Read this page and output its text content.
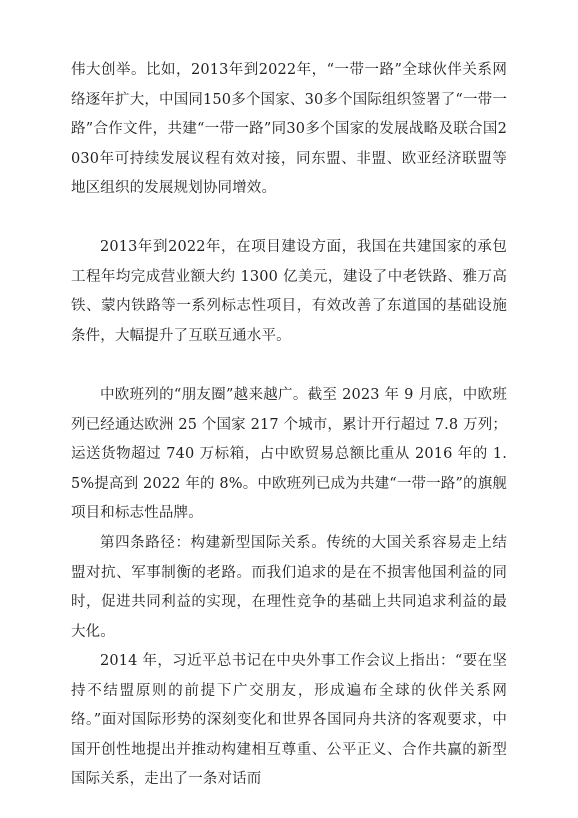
伟大创举。比如，2013年到2022年，“一带一路”全球伙伴关系网络逐年扩大，中国同150多个国家、30多个国际组织签署了“一带一路”合作文件，共建“一带一路”同30多个国家的发展战略及联合国2030年可持续发展议程有效对接，同东盟、非盟、欧亚经济联盟等地区组织的发展规划协同增效。

2013年到2022年，在项目建设方面，我国在共建国家的承包工程年均完成营业额大约 1300 亿美元，建设了中老铁路、雅万高铁、蒙内铁路等一系列标志性项目，有效改善了东道国的基础设施条件，大幅提升了互联互通水平。

中欧班列的“朋友圈”越来越广。截至 2023 年 9 月底，中欧班列已经通达欧洲 25 个国家 217 个城市，累计开行超过 7.8 万列；运送货物超过 740 万标箱，占中欧贸易总额比重从 2016 年的 1.5%提高到 2022 年的 8%。中欧班列已成为共建“一带一路”的旗舰项目和标志性品牌。

第四条路径：构建新型国际关系。传统的大国关系容易走上结盟对抗、军事制衡的老路。而我们追求的是在不损害他国利益的同时，促进共同利益的实现，在理性竞争的基础上共同追求利益的最大化。

2014 年，习近平总书记在中央外事工作会议上指出：“要在坚持不结盟原则的前提下广交朋友，形成遍布全球的伙伴关系网络。”面对国际形势的深刻变化和世界各国同舟共济的客观要求，中国开创性地提出并推动构建相互尊重、公平正义、合作共赢的新型国际关系，走出了一条对话而
